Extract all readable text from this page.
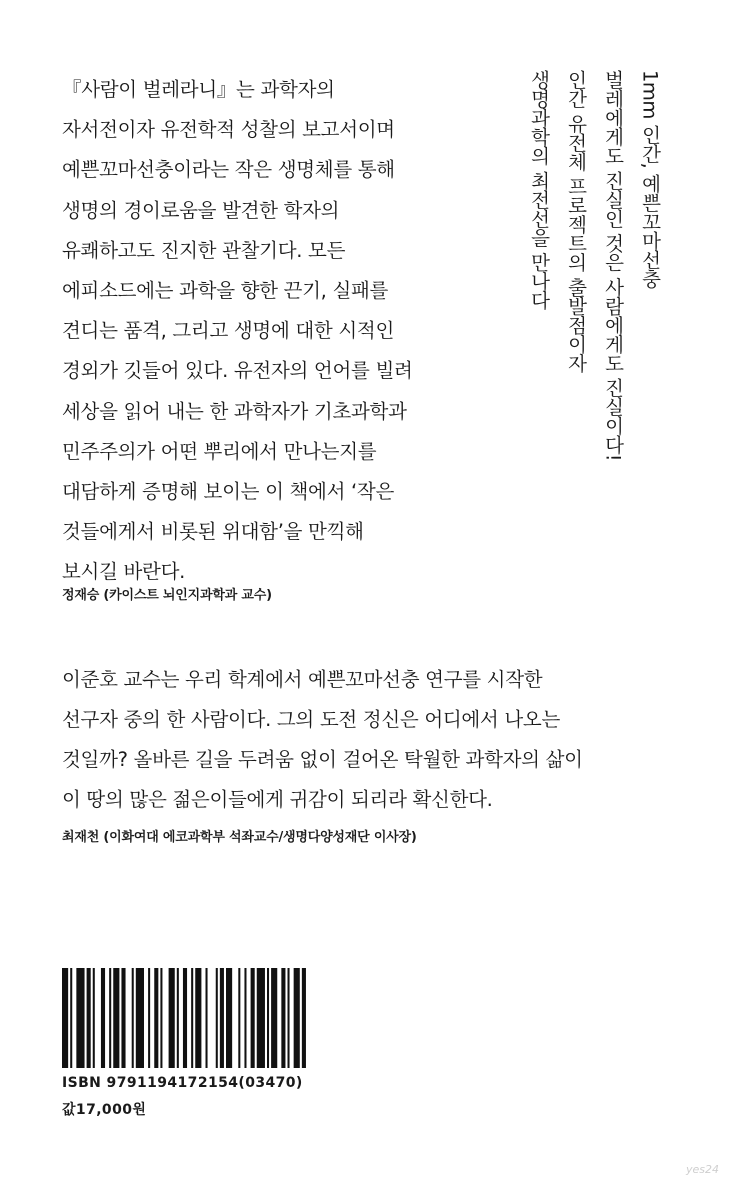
『사람이 벌레라니』는 과학자의

자서전이자 유전학적 성찰의 보고서이며

예쁜꼬마선충이라는 작은 생명체를 통해

생명의 경이로움을 발견한 학자의

유쾌하고도 진지한 관찰기다. 모든

에피소드에는 과학을 향한 끈기, 실패를

견디는 품격, 그리고 생명에 대한 시적인

경외가 깃들어 있다. 유전자의 언어를 빌려

세상을 읽어 내는 한 과학자가 기초과학과

민주주의가 어떤 뿌리에서 만나는지를

대담하게 증명해 보이는 이 책에서 ‘작은

것들에게서 비롯된 위대함’을 만끽해

보시길 바란다.

정재승 (카이스트 뇌인지과학과 교수)
1mm 인간, 예쁜꼬마선충
벌레에게도 진실인 것은 사람에게도 진실이다!
인간 유전체 프로젝트의 출발점이자
생명과학의 최전선을 만나다

이준호 교수는 우리 학계에서 예쁜꼬마선충 연구를 시작한

선구자 중의 한 사람이다. 그의 도전 정신은 어디에서 나오는

것일까? 올바른 길을 두려움 없이 걸어온 탁월한 과학자의 삶이

이 땅의 많은 젊은이들에게 귀감이 되리라 확신한다.

최재천 (이화여대 에코과학부 석좌교수/생명다양성재단 이사장)
ISBN 9791194172154(03470)
값17,000원
yes24
